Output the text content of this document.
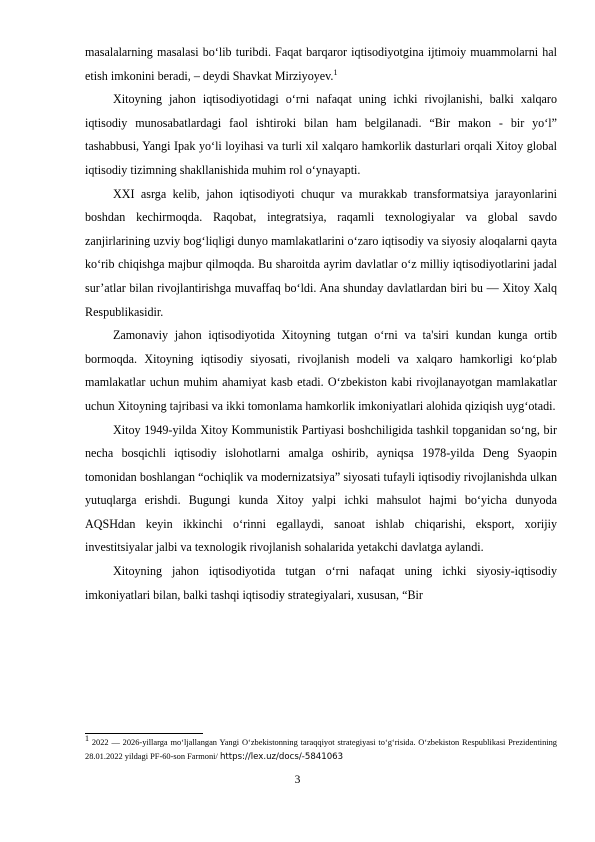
masalalarning masalasi bo‘lib turibdi. Faqat barqaror iqtisodiyotgina ijtimoiy muammolarni hal etish imkonini beradi, – deydi Shavkat Mirziyoyev.$^1$

Xitoyning jahon iqtisodiyotidagi o‘rni nafaqat uning ichki rivojlanishi, balki xalqaro iqtisodiy munosabatlardagi faol ishtiroki bilan ham belgilanadi. “Bir makon - bir yo‘l” tashabbusi, Yangi Ipak yo‘li loyihasi va turli xil xalqaro hamkorlik dasturlari orqali Xitoy global iqtisodiy tizimning shakllanishida muhim rol o‘ynayapti.

XXI asrga kelib, jahon iqtisodiyoti chuqur va murakkab transformatsiya jarayonlarini boshdan kechirmoqda. Raqobat, integratsiya, raqamli texnologiyalar va global savdo zanjirlarining uzviy bog‘liqligi dunyo mamlakatlarini o‘zaro iqtisodiy va siyosiy aloqalarni qayta ko‘rib chiqishga majbur qilmoqda. Bu sharoitda ayrim davlatlar o‘z milliy iqtisodiyotlarini jadal sur’atlar bilan rivojlantirishga muvaffaq bo‘ldi. Ana shunday davlatlardan biri bu — Xitoy Xalq Respublikasidir.

Zamonaviy jahon iqtisodiyotida Xitoyning tutgan o‘rni va ta'siri kundan kunga ortib bormoqda. Xitoyning iqtisodiy siyosati, rivojlanish modeli va xalqaro hamkorligi ko‘plab mamlakatlar uchun muhim ahamiyat kasb etadi. O‘zbekiston kabi rivojlanayotgan mamlakatlar uchun Xitoyning tajribasi va ikki tomonlama hamkorlik imkoniyatlari alohida qiziqish uyg‘otadi.

Xitoy 1949-yilda Xitoy Kommunistik Partiyasi boshchiligida tashkil topganidan so‘ng, bir necha bosqichli iqtisodiy islohotlarni amalga oshirib, ayniqsa 1978-yilda Deng Syaopin tomonidan boshlangan “ochiqlik va modernizatsiya” siyosati tufayli iqtisodiy rivojlanishda ulkan yutuqlarga erishdi. Bugungi kunda Xitoy yalpi ichki mahsulot hajmi bo‘yicha dunyoda AQSHdan keyin ikkinchi o‘rinni egallaydi, sanoat ishlab chiqarishi, eksport, xorijiy investitsiyalar jalbi va texnologik rivojlanish sohalarida yetakchi davlatga aylandi.

Xitoyning jahon iqtisodiyotida tutgan o‘rni nafaqat uning ichki siyosiy-iqtisodiy imkoniyatlari bilan, balki tashqi iqtisodiy strategiyalari, xususan, “Bir

$^1$ 2022 — 2026-yillarga mo‘ljallangan Yangi O‘zbekistonning taraqqiyot strategiyasi to‘g‘risida. O‘zbekiston Respublikasi Prezidentining 28.01.2022 yildagi PF-60-son Farmoni/ https://lex.uz/docs/-5841063

3
